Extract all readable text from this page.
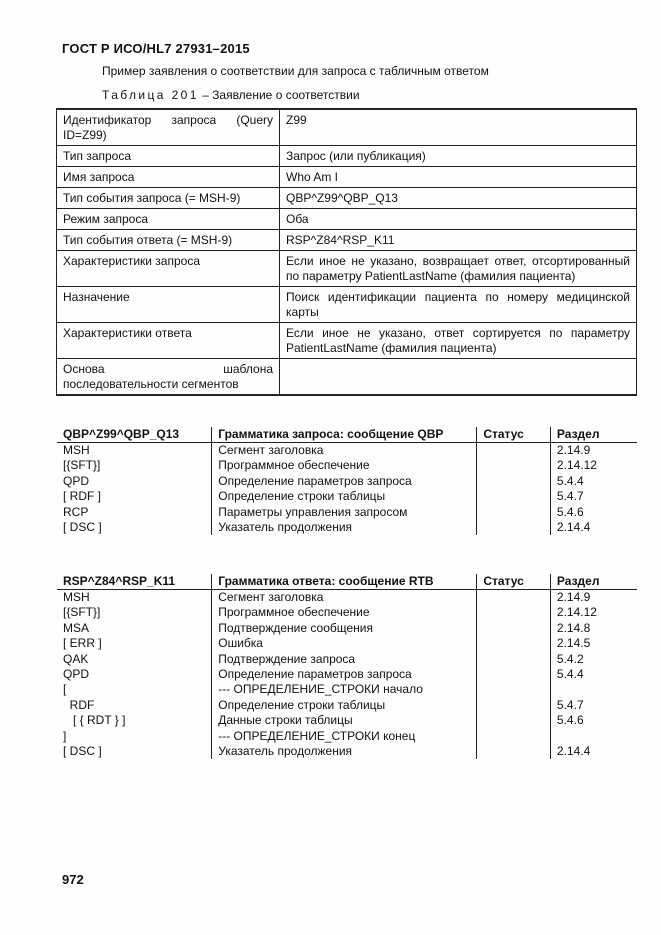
ГОСТ Р ИСО/HL7 27931–2015
Пример заявления о соответствии для запроса с табличным ответом
Таблица 201 – Заявление о соответствии
Идентификатор запроса (Query ID=Z99)	Z99
Тип запроса	Запрос (или публикация)
Имя запроса	Who Am I
Тип события запроса (= MSH-9)	QBP^Z99^QBP_Q13
Режим запроса	Оба
Тип события ответа (= MSH-9)	RSP^Z84^RSP_K11
Характеристики запроса	Если иное не указано, возвращает ответ, отсортированный по параметру PatientLastName (фамилия пациента)
Назначение	Поиск идентификации пациента по номеру медицинской карты
Характеристики ответа	Если иное не указано, ответ сортируется по параметру PatientLastName (фамилия пациента)
Основа шаблона последовательности сегментов	
QBP^Z99^QBP_Q13	Грамматика запроса: сообщение QBP	Статус	Раздел
MSH	Сегмент заголовка		2.14.9
[{SFT}]	Программное обеспечение		2.14.12
QPD	Определение параметров запроса		5.4.4
[ RDF ]	Определение строки таблицы		5.4.7
RCP	Параметры управления запросом		5.4.6
[ DSC ]	Указатель продолжения		2.14.4
RSP^Z84^RSP_K11	Грамматика ответа: сообщение RTB	Статус	Раздел
MSH	Сегмент заголовка		2.14.9
[{SFT}]	Программное обеспечение		2.14.12
MSA	Подтверждение сообщения		2.14.8
[ ERR ]	Ошибка		2.14.5
QAK	Подтверждение запроса		5.4.2
QPD	Определение параметров запроса		5.4.4
[	--- ОПРЕДЕЛЕНИЕ_СТРОКИ начало		
RDF	Определение строки таблицы		5.4.7
[ { RDT } ]	Данные строки таблицы		5.4.6
]	--- ОПРЕДЕЛЕНИЕ_СТРОКИ конец		
[ DSC ]	Указатель продолжения		2.14.4
972
